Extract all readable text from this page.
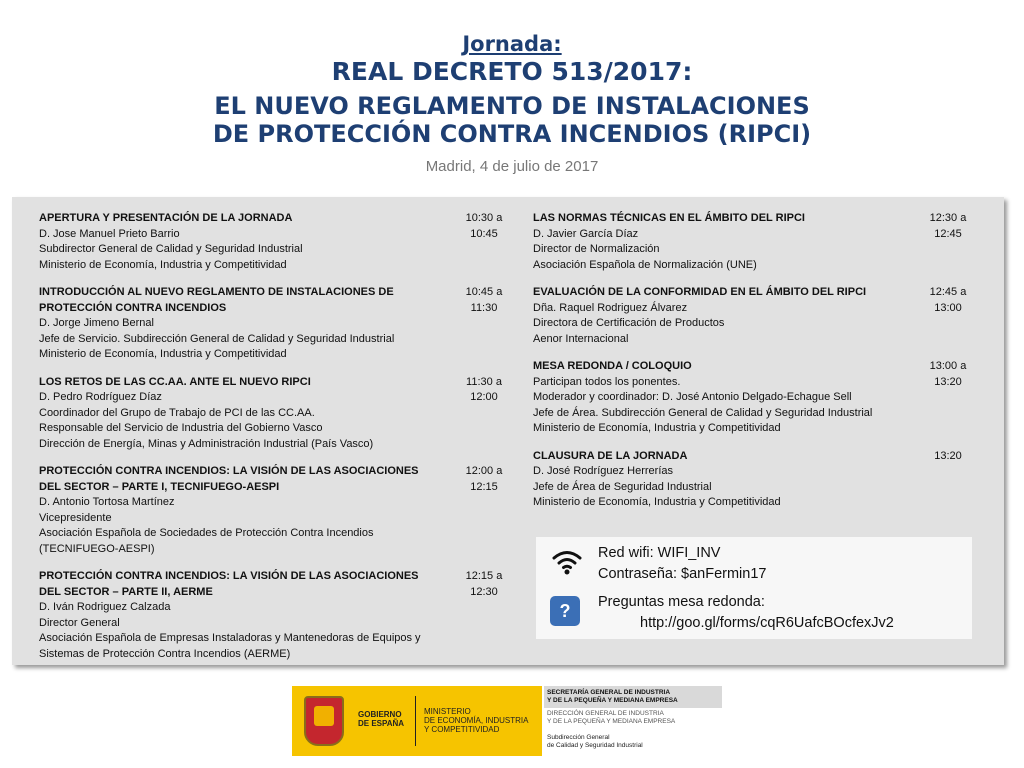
Jornada:
REAL DECRETO 513/2017:
EL NUEVO REGLAMENTO DE INSTALACIONES
DE PROTECCIÓN CONTRA INCENDIOS (RIPCI)
Madrid, 4 de julio de 2017
APERTURA Y PRESENTACIÓN DE LA JORNADA
D. Jose Manuel Prieto Barrio
Subdirector General de Calidad y Seguridad Industrial
Ministerio de Economía, Industria y Competitividad
10:30 a
10:45
INTRODUCCIÓN AL NUEVO REGLAMENTO DE INSTALACIONES DE PROTECCIÓN CONTRA INCENDIOS
D. Jorge Jimeno Bernal
Jefe de Servicio. Subdirección General de Calidad y Seguridad Industrial
Ministerio de Economía, Industria y Competitividad
10:45 a
11:30
LOS RETOS DE LAS CC.AA. ANTE EL NUEVO RIPCI
D. Pedro Rodríguez Díaz
Coordinador del Grupo de Trabajo de PCI de las CC.AA.
Responsable del Servicio de Industria del Gobierno Vasco
Dirección de Energía, Minas y Administración Industrial (País Vasco)
11:30 a
12:00
PROTECCIÓN CONTRA INCENDIOS: LA VISIÓN DE LAS ASOCIACIONES DEL SECTOR – PARTE I, TECNIFUEGO-AESPI
D. Antonio Tortosa Martínez
Vicepresidente
Asociación Española de Sociedades de Protección Contra Incendios (TECNIFUEGO-AESPI)
12:00 a
12:15
PROTECCIÓN CONTRA INCENDIOS: LA VISIÓN DE LAS ASOCIACIONES DEL SECTOR – PARTE II, AERME
D. Iván Rodriguez Calzada
Director General
Asociación Española de Empresas Instaladoras y Mantenedoras de Equipos y Sistemas de Protección Contra Incendios (AERME)
12:15 a
12:30
LAS NORMAS TÉCNICAS EN EL ÁMBITO DEL RIPCI
D. Javier García Díaz
Director de Normalización
Asociación Española de Normalización (UNE)
12:30 a
12:45
EVALUACIÓN DE LA CONFORMIDAD EN EL ÁMBITO DEL RIPCI
Dña. Raquel Rodriguez Álvarez
Directora de Certificación de Productos
Aenor Internacional
12:45 a
13:00
MESA REDONDA / COLOQUIO
Participan todos los ponentes.
Moderador y coordinador: D. José Antonio Delgado-Echague Sell
Jefe de Área. Subdirección General de Calidad y Seguridad Industrial
Ministerio de Economía, Industria y Competitividad
13:00 a
13:20
CLAUSURA DE LA JORNADA
D. José Rodríguez Herrerías
Jefe de Área de Seguridad Industrial
Ministerio de Economía, Industria y Competitividad
13:20
Red wifi: WIFI_INV
Contraseña: $anFermin17
?	Preguntas mesa redonda:
http://goo.gl/forms/cqR6UafcBOcfexJv2
GOBIERNO
DE ESPAÑA
MINISTERIO
DE ECONOMÍA, INDUSTRIA
Y COMPETITIVIDAD
SECRETARÍA GENERAL DE INDUSTRIA
Y DE LA PEQUEÑA Y MEDIANA EMPRESA
DIRECCIÓN GENERAL DE INDUSTRIA
Y DE LA PEQUEÑA Y MEDIANA EMPRESA
Subdirección General
de Calidad y Seguridad Industrial
